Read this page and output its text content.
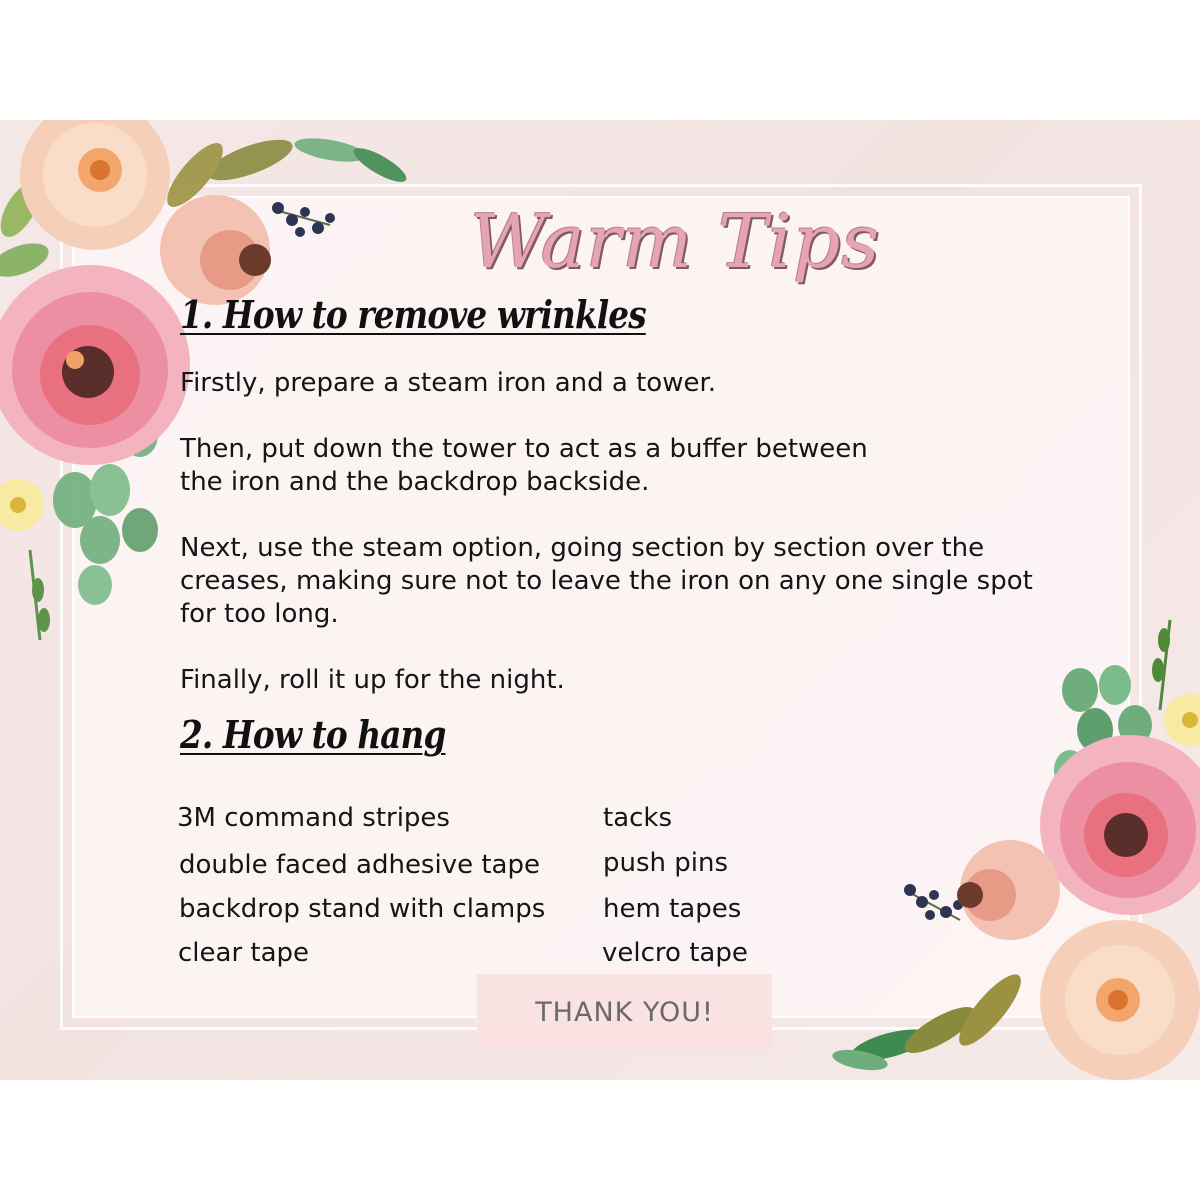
Warm Tips
1. How to remove wrinkles

Firstly, prepare a steam iron and a tower.

Then, put down the tower to act as a buffer between the iron and the backdrop backside.

Next, use the steam option, going section by section over the creases, making sure not to leave the iron on any one single spot for too long.

Finally, roll it up for the night.

2. How to hang
3M command stripes
double faced adhesive tape
backdrop stand with clamps
clear tape
tacks
push pins
hem tapes
velcro tape
THANK YOU!
